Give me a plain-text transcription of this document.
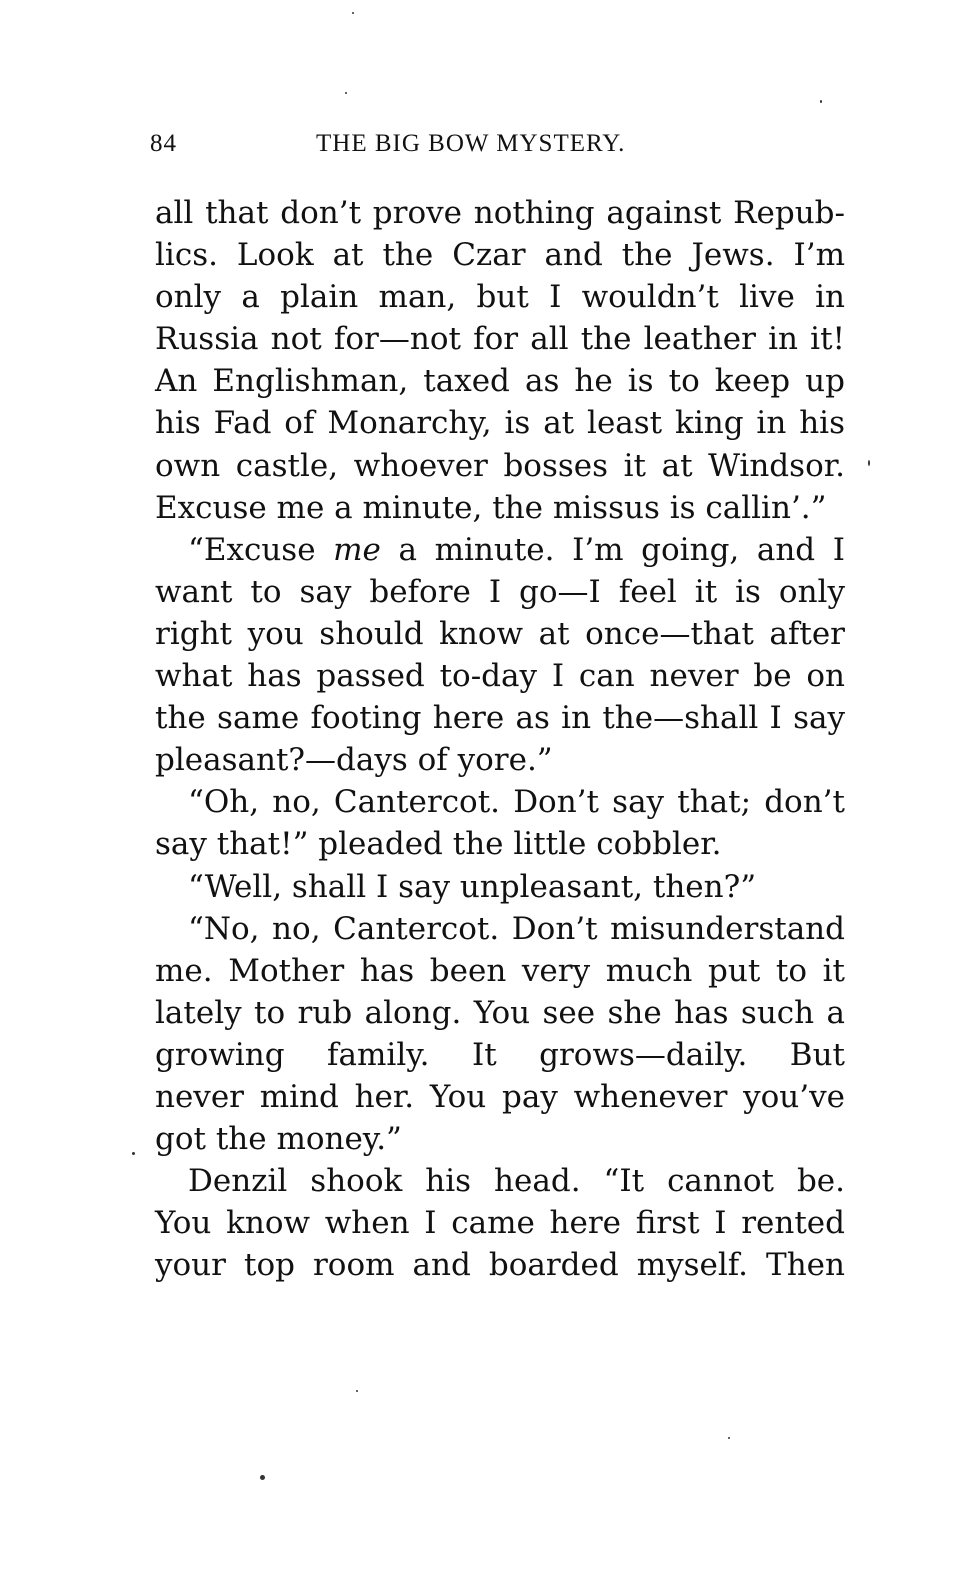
84	THE BIG BOW MYSTERY.
all that don’t prove nothing against Repub-
lics. Look at the Czar and the Jews. I’m
only a plain man, but I wouldn’t live in
Russia not for—not for all the leather in it!
An Englishman, taxed as he is to keep up
his Fad of Monarchy, is at least king in his
own castle, whoever bosses it at Windsor.
Excuse me a minute, the missus is callin’.”
“Excuse me a minute. I’m going, and I
want to say before I go—I feel it is only
right you should know at once—that after
what has passed to-day I can never be on
the same footing here as in the—shall I say
pleasant?—days of yore.”
“Oh, no, Cantercot. Don’t say that; don’t
say that!” pleaded the little cobbler.
“Well, shall I say unpleasant, then?”
“No, no, Cantercot. Don’t misunderstand
me. Mother has been very much put to it
lately to rub along. You see she has such a
growing family. It grows—daily. But
never mind her. You pay whenever you’ve
got the money.”
Denzil shook his head. “It cannot be.
You know when I came here first I rented
your top room and boarded myself. Then
